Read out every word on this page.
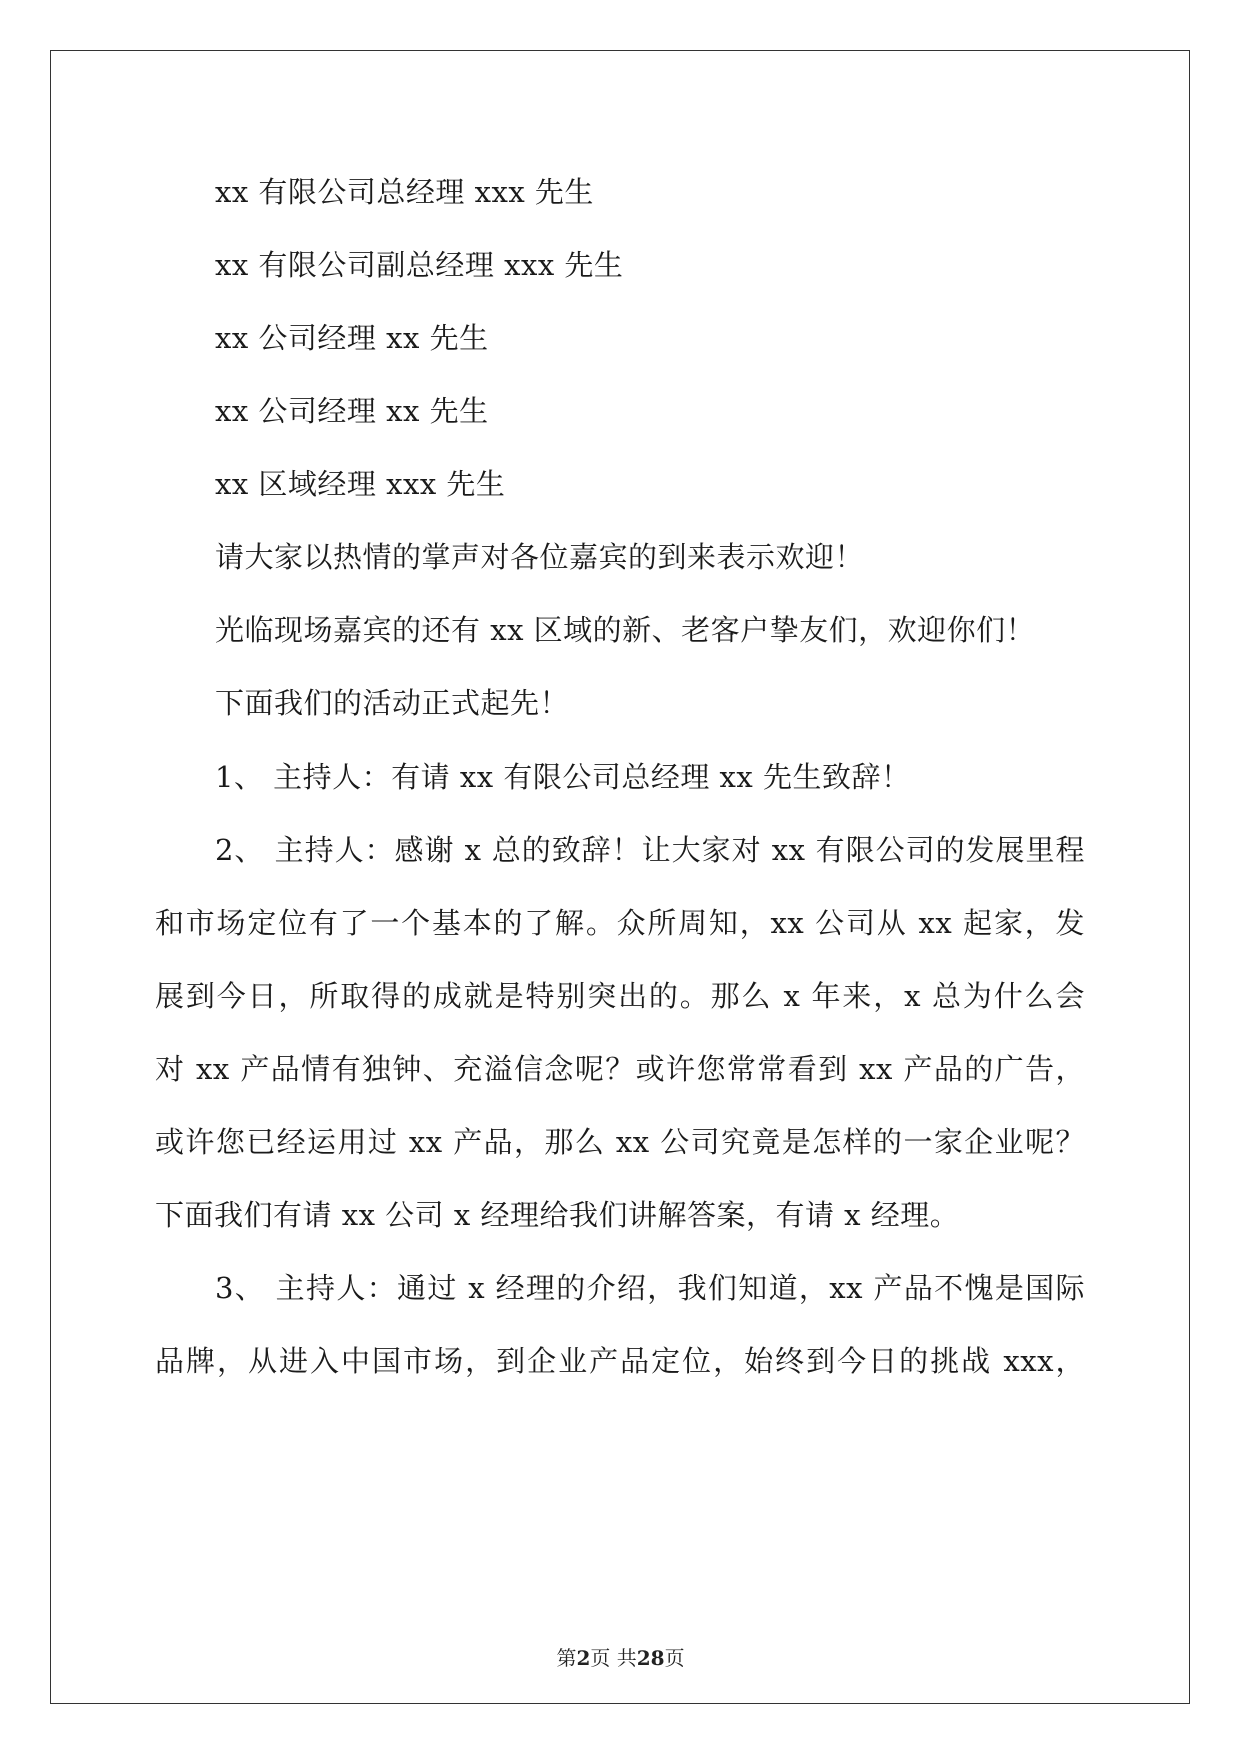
xx 有限公司总经理 xxx 先生
xx 有限公司副总经理 xxx 先生
xx 公司经理 xx 先生
xx 公司经理 xx 先生
xx 区域经理 xxx 先生
请大家以热情的掌声对各位嘉宾的到来表示欢迎！
光临现场嘉宾的还有 xx 区域的新、老客户挚友们，欢迎你们！
下面我们的活动正式起先！
1、 主持人：有请 xx 有限公司总经理 xx 先生致辞！
2、 主持人：感谢 x 总的致辞！让大家对 xx 有限公司的发展里程
和市场定位有了一个基本的了解。众所周知，xx 公司从 xx 起家，发
展到今日，所取得的成就是特别突出的。那么 x 年来，x 总为什么会
对 xx 产品情有独钟、充溢信念呢？或许您常常看到 xx 产品的广告，
或许您已经运用过 xx 产品，那么 xx 公司究竟是怎样的一家企业呢？
下面我们有请 xx 公司 x 经理给我们讲解答案，有请 x 经理。
3、 主持人：通过 x 经理的介绍，我们知道，xx 产品不愧是国际
品牌，从进入中国市场，到企业产品定位，始终到今日的挑战 xxx，
第2页 共28页
